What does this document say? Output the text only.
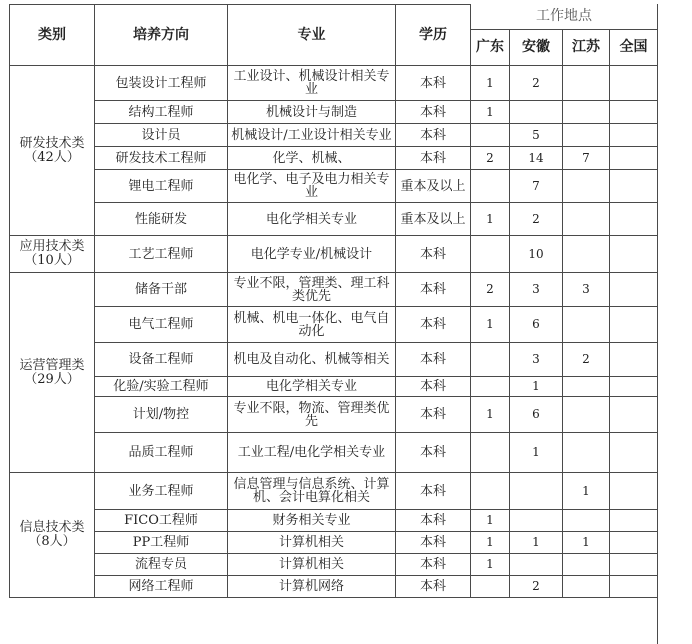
类别	培养方向	专业	学历	工作地点			
				广东	安徽	江苏	全国

研发技术类
（42人）	包装设计工程师	工业设计、机械设计相关专业	本科	1	2		
	结构工程师	机械设计与制造	本科	1			
	设计员	机械设计/工业设计相关专业	本科		5		
	研发技术工程师	化学、机械、	本科	2	14	7	
	锂电工程师	电化学、电子及电力相关专业	重本及以上		7		
	性能研发	电化学相关专业	重本及以上	1	2		

应用技术类
（10人）	工艺工程师	电化学专业/机械设计	本科		10		

运营管理类
（29人）	储备干部	专业不限，管理类、理工科类优先	本科	2	3	3	
	电气工程师	机械、机电一体化、电气自动化	本科	1	6		
	设备工程师	机电及自动化、机械等相关	本科		3	2	
	化验/实验工程师	电化学相关专业	本科		1		
	计划/物控	专业不限，物流、管理类优先	本科	1	6		
	品质工程师	工业工程/电化学相关专业	本科		1		

信息技术类
（8人）	业务工程师	信息管理与信息系统、计算机、会计电算化相关	本科			1	
	FICO工程师	财务相关专业	本科	1			
	PP工程师	计算机相关	本科	1	1	1	
	流程专员	计算机相关	本科	1			
	网络工程师	计算机网络	本科		2		
